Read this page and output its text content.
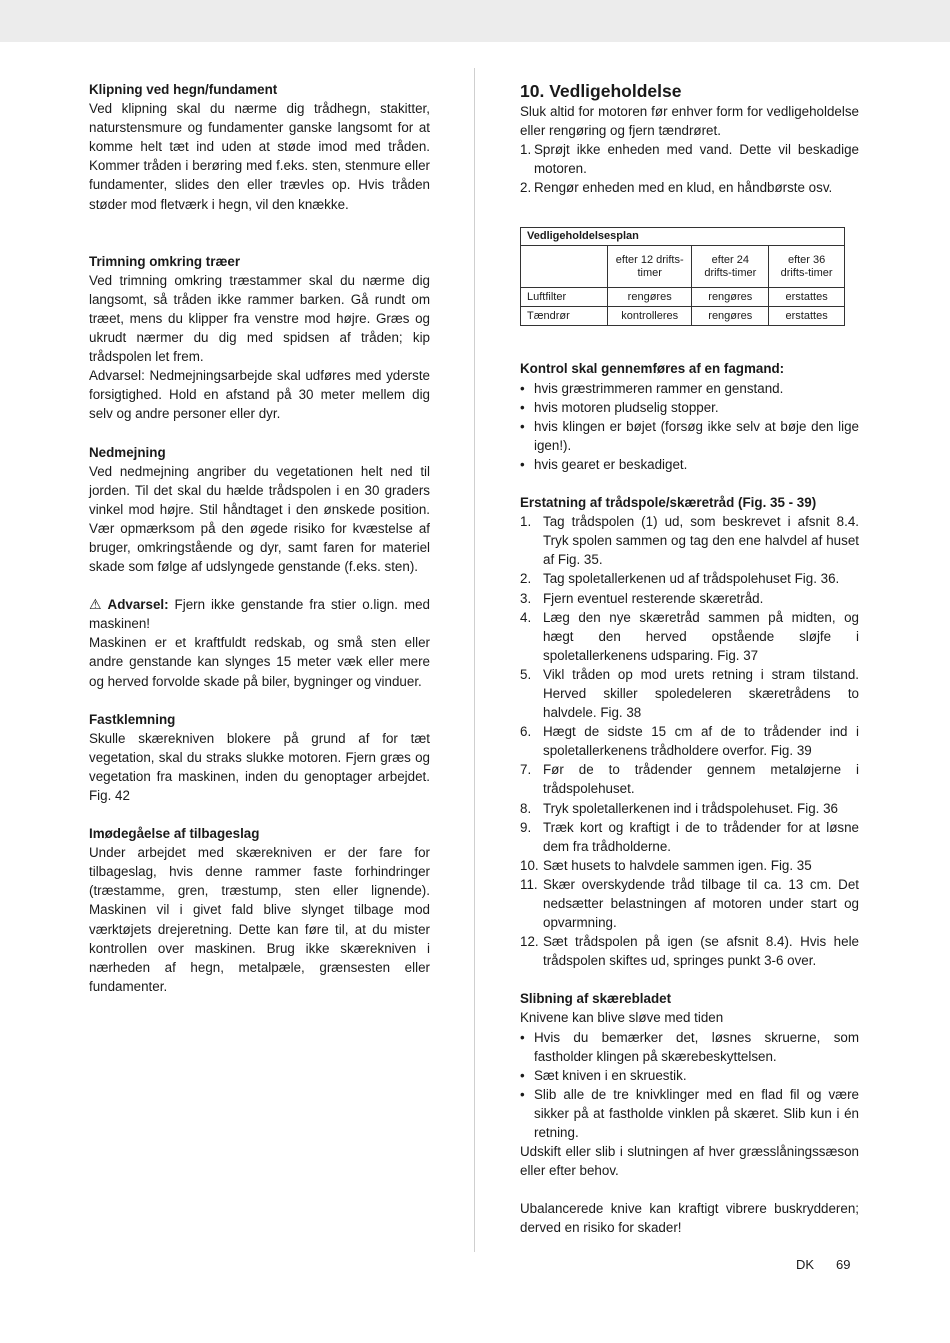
Klipning ved hegn/fundament

Ved klipning skal du nærme dig trådhegn, stakitter, naturstensmure og fundamenter ganske langsomt for at komme helt tæt ind uden at støde imod med tråden. Kommer tråden i berøring med f.eks. sten, stenmure eller fundamenter, slides den eller trævles op. Hvis tråden støder mod fletværk i hegn, vil den knække.

Trimning omkring træer

Ved trimning omkring træstammer skal du nærme dig langsomt, så tråden ikke rammer barken. Gå rundt om træet, mens du klipper fra venstre mod højre. Græs og ukrudt nærmer du dig med spidsen af tråden; kip trådspolen let frem.

Advarsel: Nedmejningsarbejde skal udføres med yderste forsigtighed. Hold en afstand på 30 meter mellem dig selv og andre personer eller dyr.

Nedmejning

Ved nedmejning angriber du vegetationen helt ned til jorden. Til det skal du hælde trådspolen i en 30 graders vinkel mod højre. Stil håndtaget i den ønskede position. Vær opmærksom på den øgede risiko for kvæstelse af bruger, omkringstående og dyr, samt faren for materiel skade som følge af udslyngede genstande (f.eks. sten).

⚠ Advarsel: Fjern ikke genstande fra stier o.lign. med maskinen!

Maskinen er et kraftfuldt redskab, og små sten eller andre genstande kan slynges 15 meter væk eller mere og herved forvolde skade på biler, bygninger og vinduer.

Fastklemning

Skulle skærekniven blokere på grund af for tæt vegetation, skal du straks slukke motoren. Fjern græs og vegetation fra maskinen, inden du genoptager arbejdet. Fig. 42

Imødegåelse af tilbageslag

Under arbejdet med skærekniven er der fare for tilbageslag, hvis denne rammer faste forhindringer (træstamme, gren, træstump, sten eller lignende). Maskinen vil i givet fald blive slynget tilbage mod værktøjets drejeretning. Dette kan føre til, at du mister kontrollen over maskinen. Brug ikke skærekniven i nærheden af hegn, metalpæle, grænsesten eller fundamenter.

10. Vedligeholdelse

Sluk altid for motoren før enhver form for vedligeholdelse eller rengøring og fjern tændrøret.

1. Sprøjt ikke enheden med vand. Dette vil beskadige motoren.
2. Rengør enheden med en klud, en håndbørste osv.
Vedligeholdelsesplan			
	efter 12 drifts-timer	efter 24 drifts-timer	efter 36 drifts-timer
Luftfilter	rengøres	rengøres	erstattes
Tændrør	kontrolleres	rengøres	erstattes

Kontrol skal gennemføres af en fagmand:

• hvis græstrimmeren rammer en genstand.
• hvis motoren pludselig stopper.
• hvis klingen er bøjet (forsøg ikke selv at bøje den lige igen!).
• hvis gearet er beskadiget.

Erstatning af trådspole/skæretråd (Fig. 35 - 39)

1. Tag trådspolen (1) ud, som beskrevet i afsnit 8.4. Tryk spolen sammen og tag den ene halvdel af huset af Fig. 35.
2. Tag spoletallerkenen ud af trådspolehuset Fig. 36.
3. Fjern eventuel resterende skæretråd.
4. Læg den nye skæretråd sammen på midten, og hægt den herved opstående sløjfe i spoletallerkenens udsparing. Fig. 37
5. Vikl tråden op mod urets retning i stram tilstand. Herved skiller spoledeleren skæretrådens to halvdele. Fig. 38
6. Hægt de sidste 15 cm af de to trådender ind i spoletallerkenens trådholdere overfor. Fig. 39
7. Før de to trådender gennem metaløjerne i trådspolehuset.
8. Tryk spoletallerkenen ind i trådspolehuset. Fig. 36
9. Træk kort og kraftigt i de to trådender for at løsne dem fra trådholderne.
10. Sæt husets to halvdele sammen igen. Fig. 35
11. Skær overskydende tråd tilbage til ca. 13 cm. Det nedsætter belastningen af motoren under start og opvarmning.
12. Sæt trådspolen på igen (se afsnit 8.4). Hvis hele trådspolen skiftes ud, springes punkt 3-6 over.

Slibning af skærebladet

Knivene kan blive sløve med tiden

• Hvis du bemærker det, løsnes skruerne, som fastholder klingen på skærebeskyttelsen.
• Sæt kniven i en skruestik.
• Slib alle de tre knivklinger med en flad fil og være sikker på at fastholde vinklen på skæret. Slib kun i én retning.

Udskift eller slib i slutningen af hver græsslåningssæson eller efter behov.

Ubalancerede knive kan kraftigt vibrere buskrydderen; derved en risiko for skader!

DK 69
